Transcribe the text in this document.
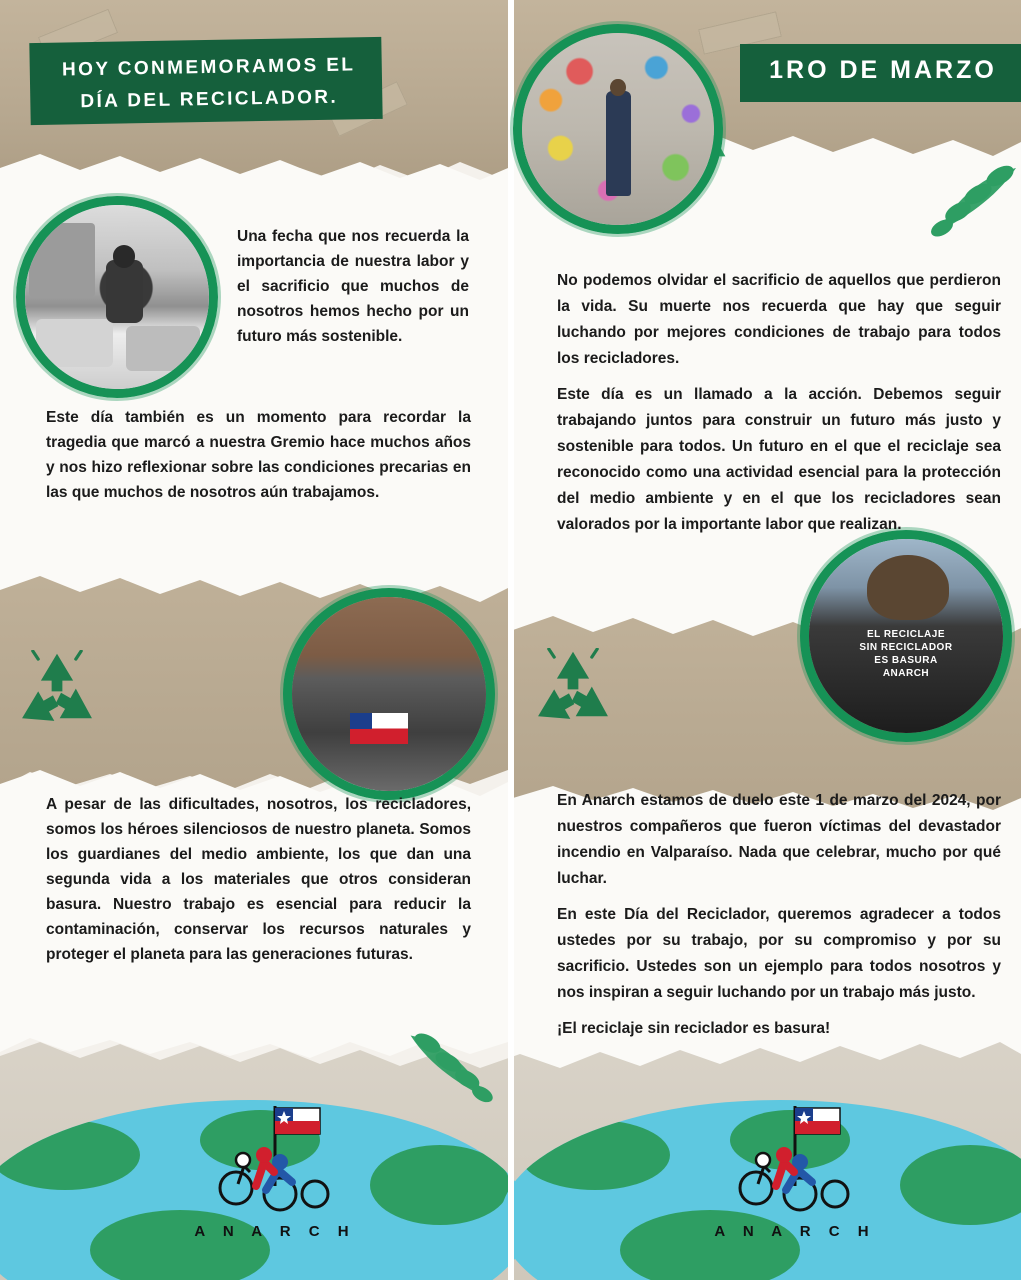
HOY CONMEMORAMOS EL DÍA DEL RECICLADOR.
1RO DE MARZO
EL RECICLAJE
SIN RECICLADOR
ES BASURA
ANARCH
Una fecha que nos recuerda la importancia de nuestra labor y el sacrificio que muchos de nosotros hemos hecho por un futuro más sostenible.
Este día también es un momento para recordar la tragedia que marcó a nuestra Gremio hace muchos años y nos hizo reflexionar sobre las condiciones precarias en las que muchos de nosotros aún trabajamos.
A pesar de las dificultades, nosotros, los recicladores, somos los héroes silenciosos de nuestro planeta. Somos los guardianes del medio ambiente, los que dan una segunda vida a los materiales que otros consideran basura. Nuestro trabajo es esencial para reducir la contaminación, conservar los recursos naturales y proteger el planeta para las generaciones futuras.

No podemos olvidar el sacrificio de aquellos que perdieron la vida. Su muerte nos recuerda que hay que seguir luchando por mejores condiciones de trabajo para todos los recicladores.

Este día es un llamado a la acción. Debemos seguir trabajando juntos para construir un futuro más justo y sostenible para todos. Un futuro en el que el reciclaje sea reconocido como una actividad esencial para la protección del medio ambiente y en el que los recicladores sean valorados por la importante labor que realizan.

En Anarch estamos de duelo este 1 de marzo del 2024, por nuestros compañeros que fueron víctimas del devastador incendio en Valparaíso. Nada que celebrar, mucho por qué luchar.

En este Día del Reciclador, queremos agradecer a todos ustedes por su trabajo, por su compromiso y por su sacrificio. Ustedes son un ejemplo para todos nosotros y nos inspiran a seguir luchando por un trabajo más justo.

¡El reciclaje sin reciclador es basura!

A N A R C H	A N A R C H
